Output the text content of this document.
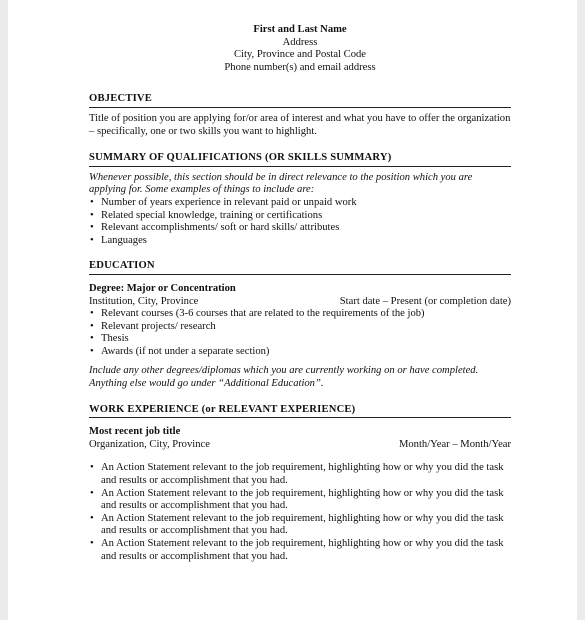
First and Last Name
Address
City, Province and Postal Code
Phone number(s) and email address
OBJECTIVE
Title of position you are applying for/or area of interest and what you have to offer the organization – specifically, one or two skills you want to highlight.
SUMMARY OF QUALIFICATIONS (OR SKILLS SUMMARY)
Whenever possible, this section should be in direct relevance to the position which you are applying for. Some examples of things to include are:
• Number of years experience in relevant paid or unpaid work
• Related special knowledge, training or certifications
• Relevant accomplishments/ soft or hard skills/ attributes
• Languages
EDUCATION
Degree: Major or Concentration
Institution, City, Province	Start date – Present (or completion date)
• Relevant courses (3-6 courses that are related to the requirements of the job)
• Relevant projects/ research
• Thesis
• Awards (if not under a separate section)
Include any other degrees/diplomas which you are currently working on or have completed. Anything else would go under “Additional Education”.
WORK EXPERIENCE (or RELEVANT EXPERIENCE)
Most recent job title
Organization, City, Province	Month/Year – Month/Year
• An Action Statement relevant to the job requirement, highlighting how or why you did the task and results or accomplishment that you had.
• An Action Statement relevant to the job requirement, highlighting how or why you did the task and results or accomplishment that you had.
• An Action Statement relevant to the job requirement, highlighting how or why you did the task and results or accomplishment that you had.
• An Action Statement relevant to the job requirement, highlighting how or why you did the task and results or accomplishment that you had.
